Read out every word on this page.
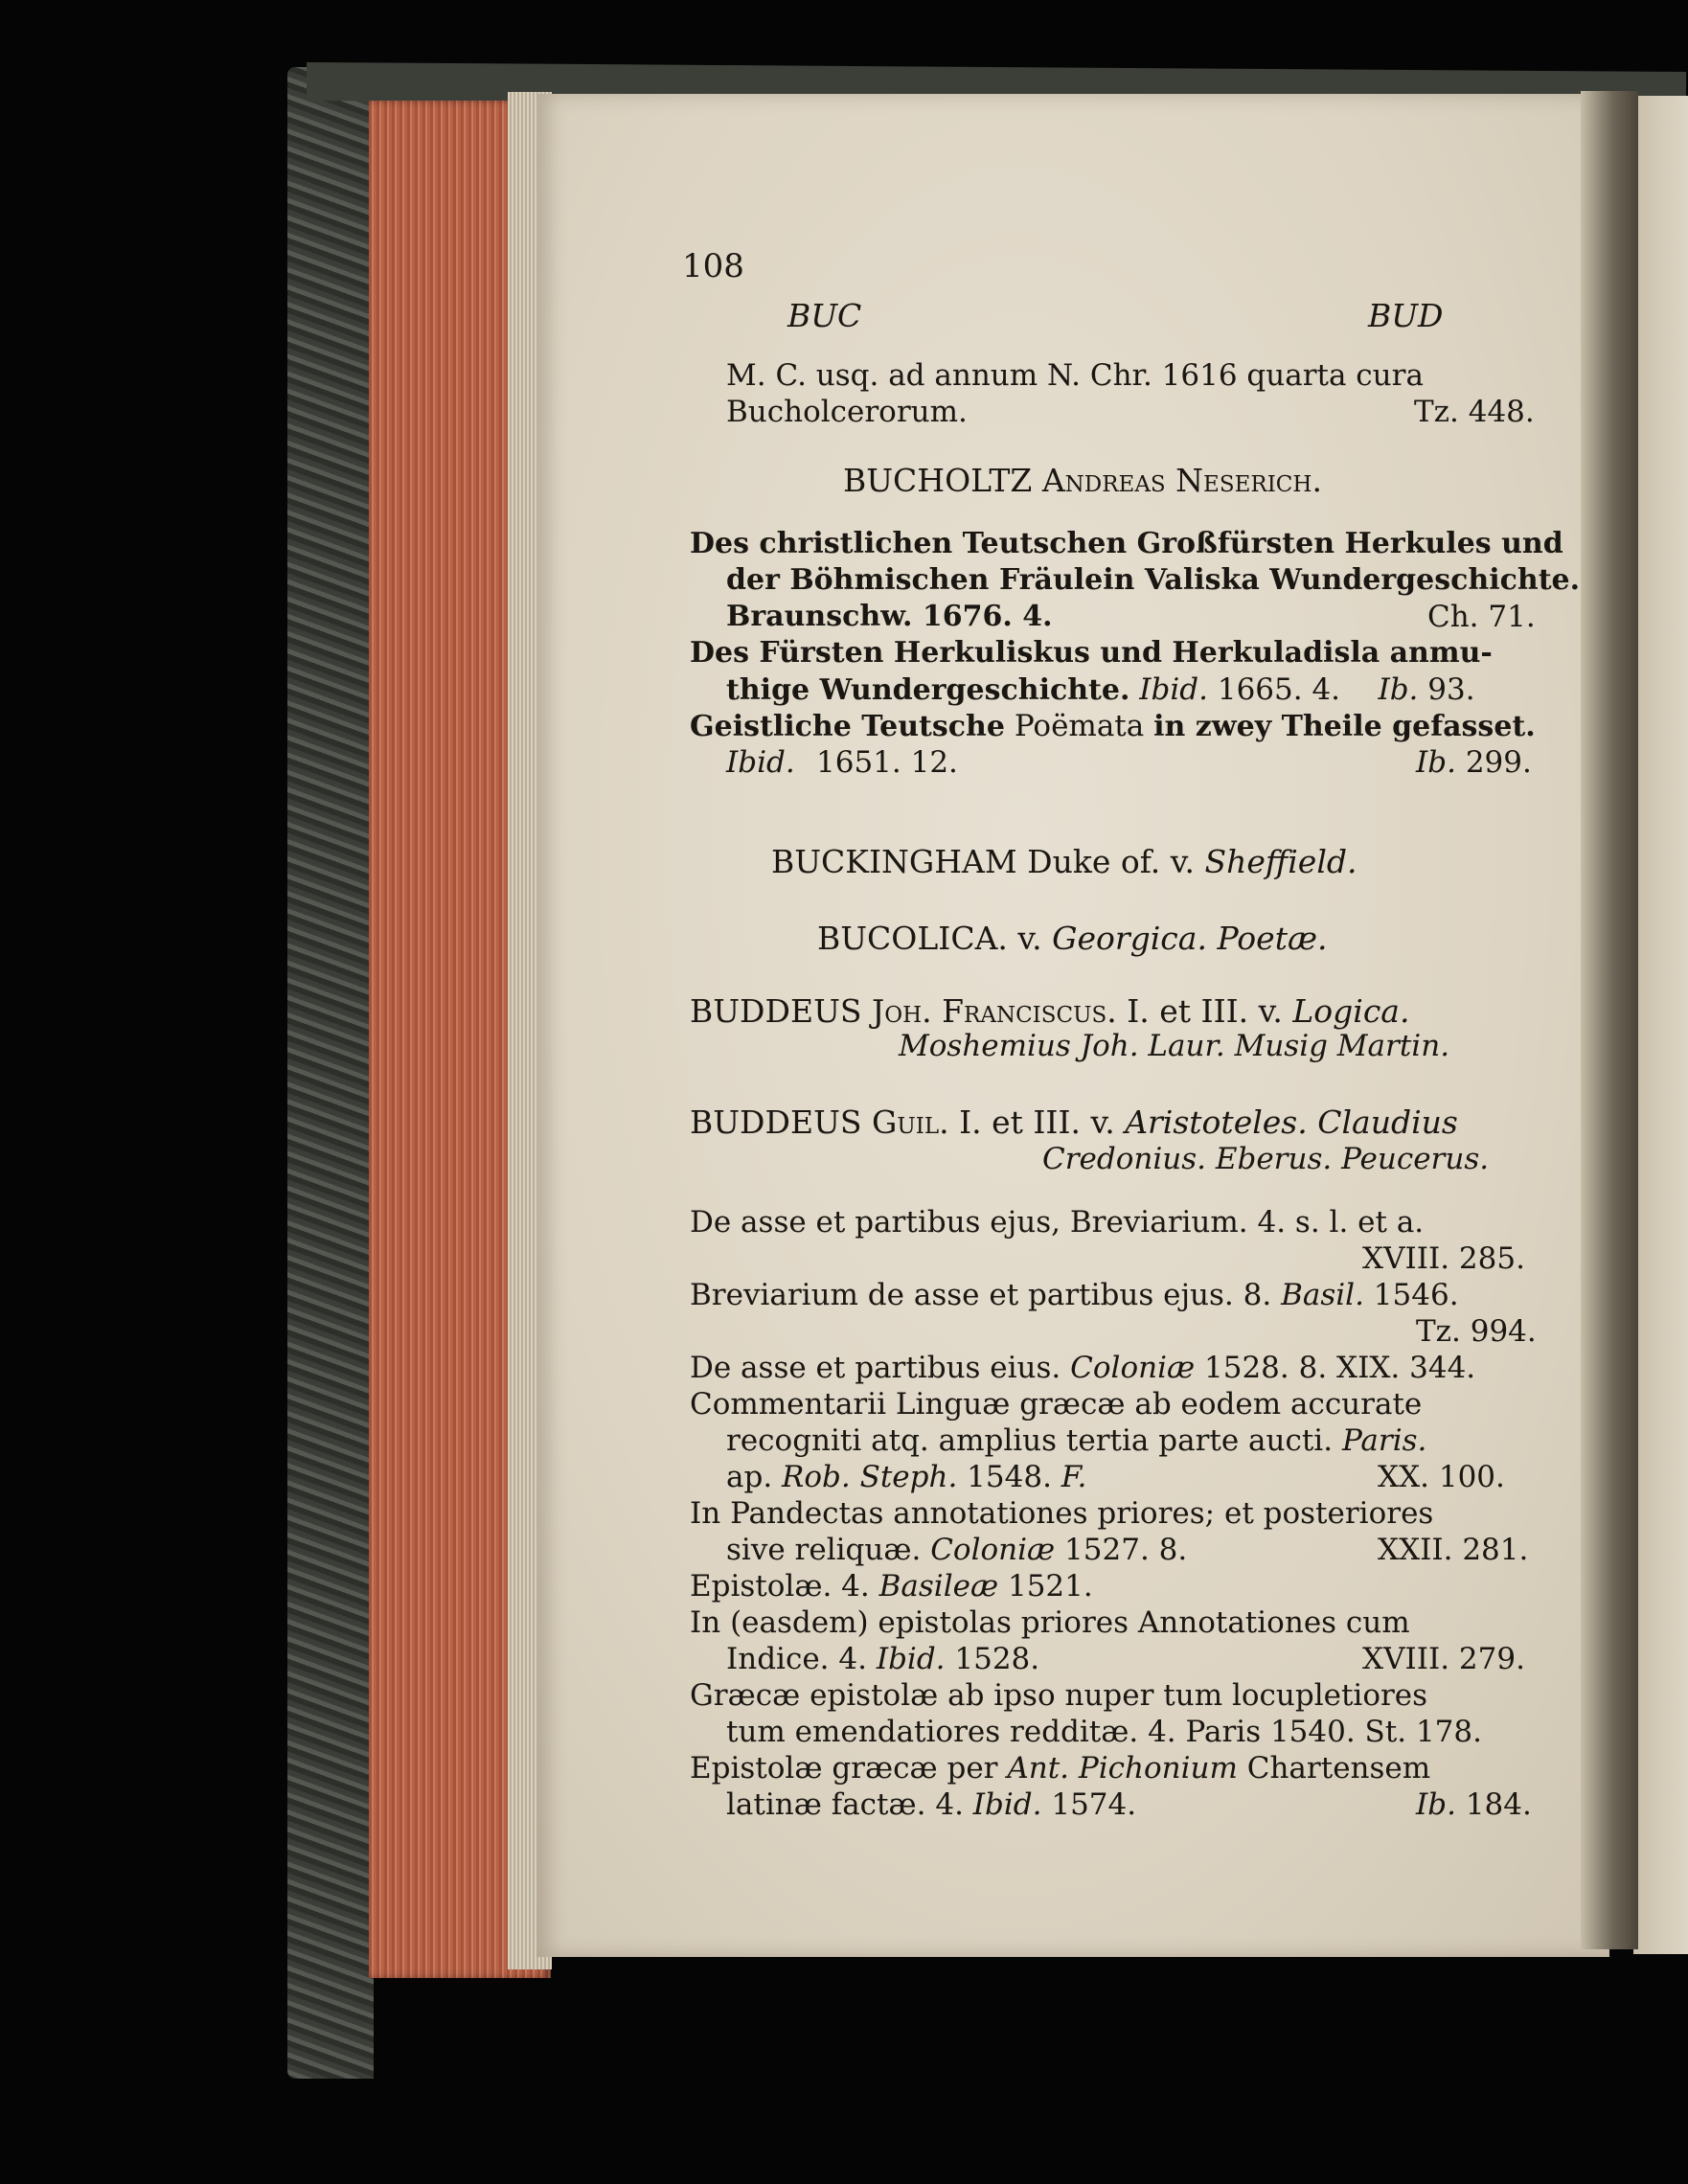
108
BUC	BUD
M. C. usq. ad annum N. Chr. 1616 quarta cura
Bucholcerorum.	Tz. 448.
BUCHOLTZ Andreas Neserich.
Des christlichen Teutschen Großfürsten Herkules und
der Böhmischen Fräulein Valiska Wundergeschichte.
Braunschw. 1676. 4.	Ch. 71.
Des Fürsten Herkuliskus und Herkuladisla anmu-
thige Wundergeschichte. Ibid. 1665. 4. Ib. 93.
Geistliche Teutsche Poëmata in zwey Theile gefasset.
Ibid. 1651. 12.	Ib. 299.
BUCKINGHAM Duke of. v. Sheffield.
BUCOLICA. v. Georgica. Poetæ.
BUDDEUS Joh. Franciscus. I. et III. v. Logica.
Moshemius Joh. Laur. Musig Martin.
BUDDEUS Guil. I. et III. v. Aristoteles. Claudius
Credonius. Eberus. Peucerus.
De asse et partibus ejus, Breviarium. 4. s. l. et a.
XVIII. 285.
Breviarium de asse et partibus ejus. 8. Basil. 1546.
Tz. 994.
De asse et partibus eius. Coloniæ 1528. 8. XIX. 344.
Commentarii Linguæ græcæ ab eodem accurate
recogniti atq. amplius tertia parte aucti. Paris.
ap. Rob. Steph. 1548. F.	XX. 100.
In Pandectas annotationes priores; et posteriores
sive reliquæ. Coloniæ 1527. 8.	XXII. 281.
Epistolæ. 4. Basileæ 1521.
In (easdem) epistolas priores Annotationes cum
Indice. 4. Ibid. 1528.	XVIII. 279.
Græcæ epistolæ ab ipso nuper tum locupletiores
tum emendatiores redditæ. 4. Paris 1540. St. 178.
Epistolæ græcæ per Ant. Pichonium Chartensem
latinæ factæ. 4. Ibid. 1574.	Ib. 184.
